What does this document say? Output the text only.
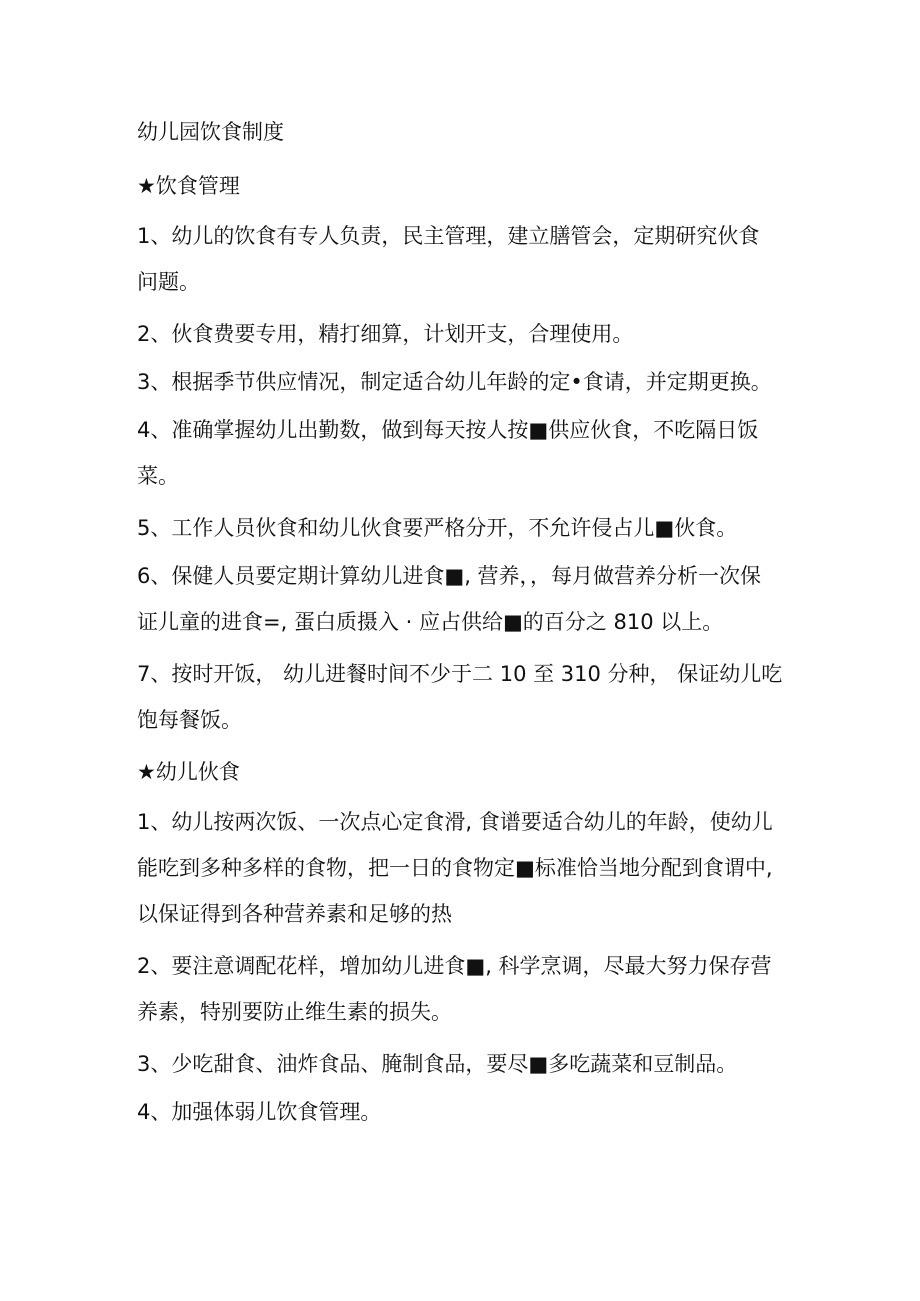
幼儿园饮食制度
★饮食管理
1、幼儿的饮食有专人负责，民主管理，建立膳管会，定期研究伙食
问题。
2、伙食费要专用，精打细算，计划开支，合理使用。
3、根据季节供应情况，制定适合幼儿年龄的定•食请，并定期更换。
4、准确掌握幼儿出勤数，做到每天按人按■供应伙食，不吃隔日饭
菜。
5、工作人员伙食和幼儿伙食要严格分开，不允许侵占儿■伙食。
6、保健人员要定期计算幼儿进食■, 营养，，每月做营养分析一次保
证儿童的进食=, 蛋白质摄入 · 应占供给■的百分之 810 以上。
7、按时开饭， 幼儿进餐时间不少于二 10 至 310 分种， 保证幼儿吃
饱每餐饭。
★幼儿伙食
1、幼儿按两次饭、一次点心定食滑, 食谱要适合幼儿的年龄，使幼儿
能吃到多种多样的食物，把一日的食物定■标准恰当地分配到食谓中,
以保证得到各种营养素和足够的热
2、要注意调配花样，增加幼儿进食■, 科学烹调，尽最大努力保存营
养素，特别要防止维生素的损失。
3、少吃甜食、油炸食品、腌制食品，要尽■多吃蔬菜和豆制品。
4、加强体弱儿饮食管理。
